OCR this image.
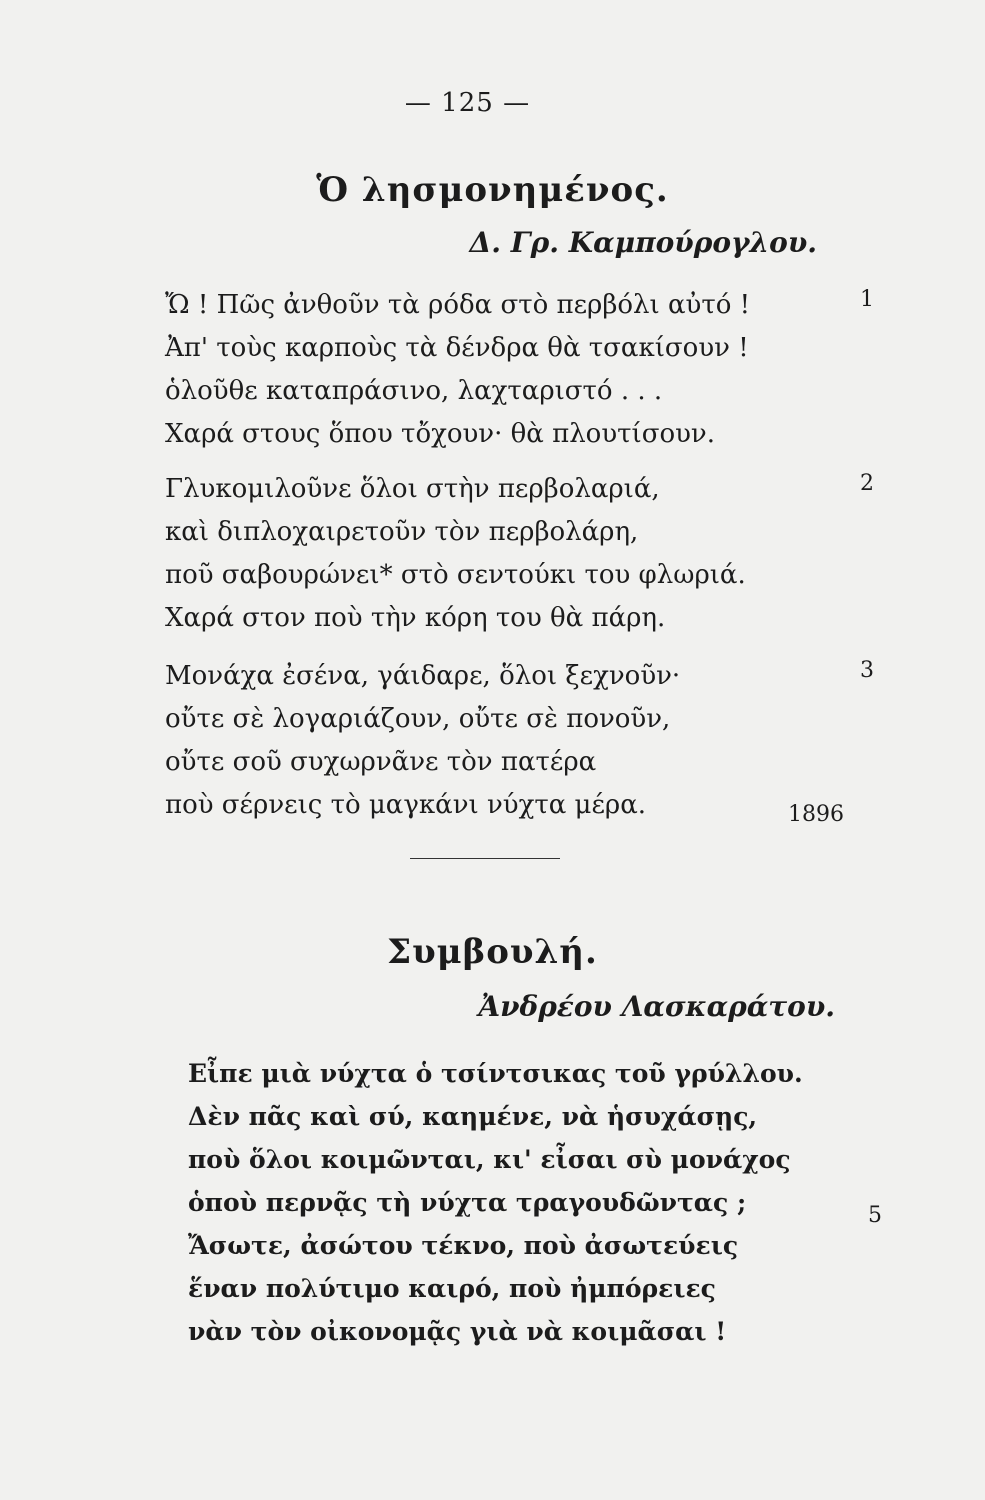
— 125 —
Ὁ λησμονημένος.
Δ. Γρ. Καμπούρογλου.
Ὤ ! Πῶς ἀνθοῦν τὰ ρόδα στὸ περβόλι αὐτό !
Ἀπ' τοὺς καρποὺς τὰ δένδρα θὰ τσακίσουν !
ὁλοῦθε καταπράσινο, λαχταριστό . . .
Χαρά στους ὅπου τὄχουν· θὰ πλουτίσουν.
1
Γλυκομιλοῦνε ὅλοι στὴν περβολαριά,
καὶ διπλοχαιρετοῦν τὸν περβολάρη,
ποῦ σαβουρώνει* στὸ σεντούκι του φλωριά.
Χαρά στον ποὺ τὴν κόρη του θὰ πάρη.
2
Μονάχα ἐσένα, γάιδαρε, ὅλοι ξεχνοῦν·
οὔτε σὲ λογαριάζουν, οὔτε σὲ πονοῦν,
οὔτε σοῦ συχωρνᾶνε τὸν πατέρα
ποὺ σέρνεις τὸ μαγκάνι νύχτα μέρα.
3
1896
Συμβουλή.
Ἀνδρέου Λασκαράτου.
Εἶπε μιὰ νύχτα ὁ τσίντσικας τοῦ γρύλλου.
Δὲν πᾶς καὶ σύ, καημένε, νὰ ἡσυχάσῃς,
ποὺ ὅλοι κοιμῶνται, κι' εἶσαι σὺ μονάχος
ὁποὺ περνᾷς τὴ νύχτα τραγουδῶντας ;
Ἄσωτε, ἀσώτου τέκνο, ποὺ ἀσωτεύεις
ἕναν πολύτιμο καιρό, ποὺ ἠμπόρειες
νὰν τὸν οἰκονομᾷς γιὰ νὰ κοιμᾶσαι !
5
